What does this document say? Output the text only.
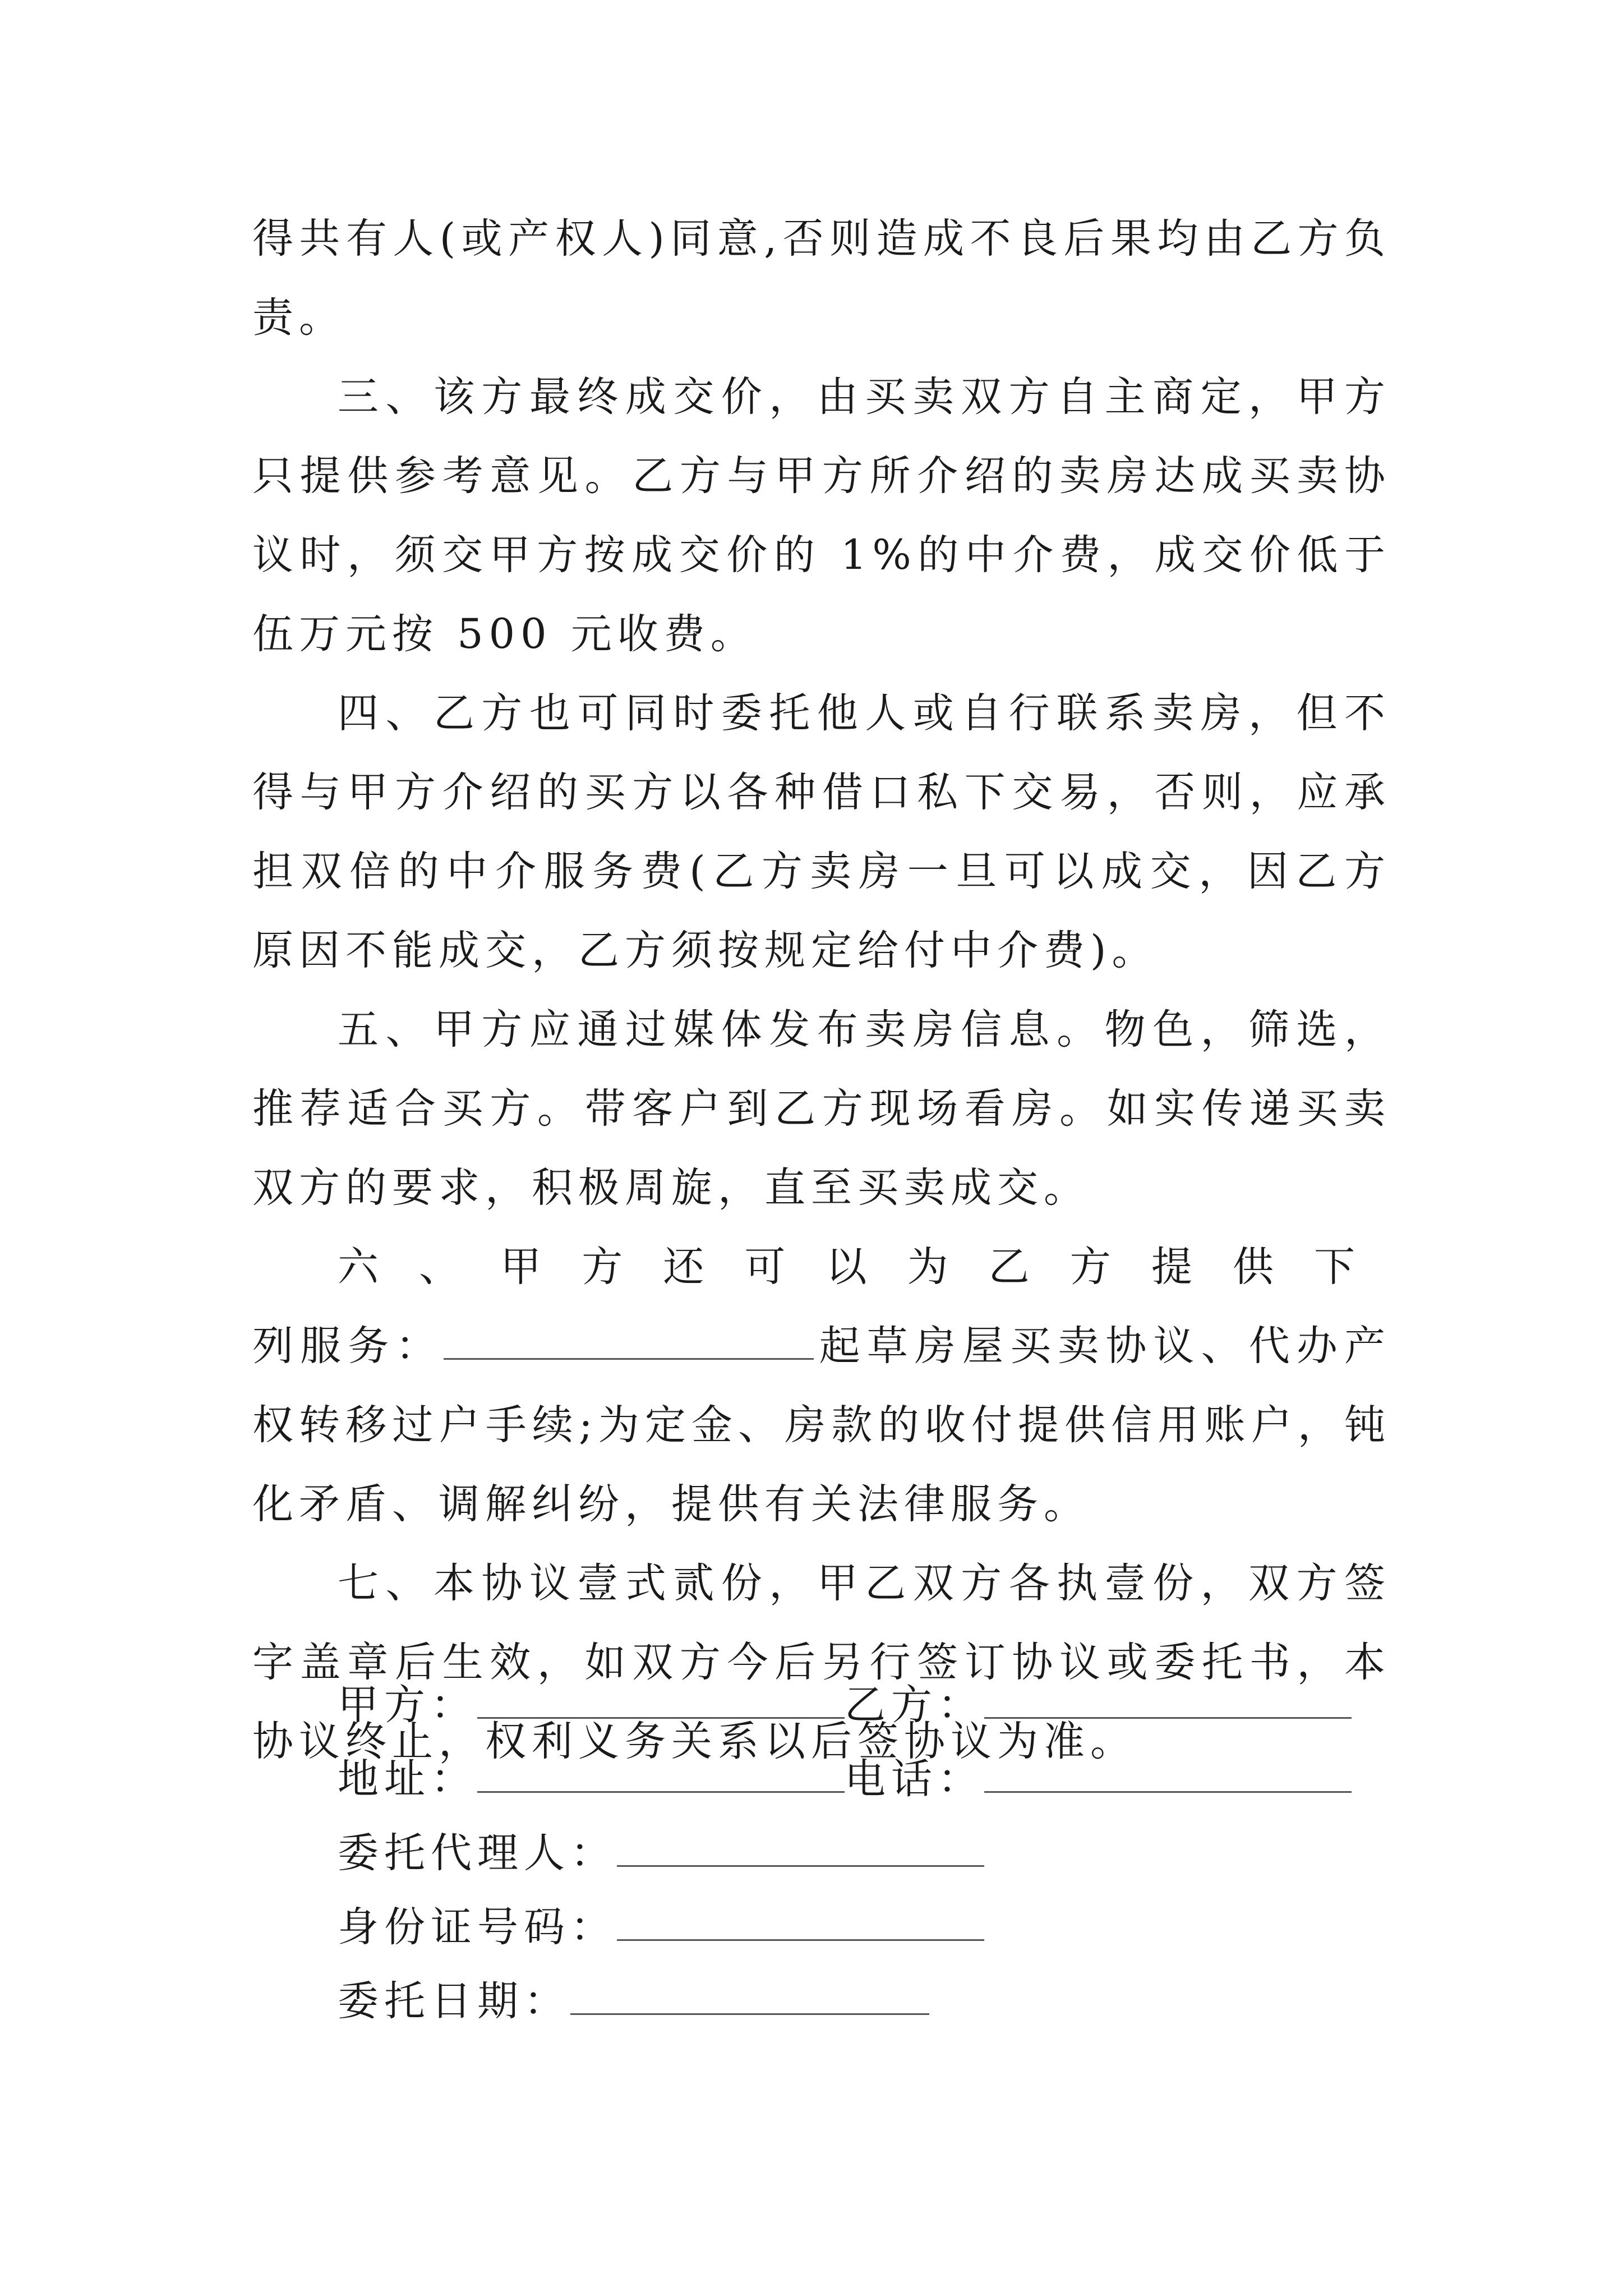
得共有人(或产权人)同意,否则造成不良后果均由乙方负责。

三、该方最终成交价，由买卖双方自主商定，甲方只提供参考意见。乙方与甲方所介绍的卖房达成买卖协议时，须交甲方按成交价的 1%的中介费，成交价低于伍万元按 500 元收费。

四、乙方也可同时委托他人或自行联系卖房，但不得与甲方介绍的买方以各种借口私下交易，否则，应承担双倍的中介服务费(乙方卖房一旦可以成交，因乙方原因不能成交，乙方须按规定给付中介费)。

五、甲方应通过媒体发布卖房信息。物色，筛选，推荐适合买方。带客户到乙方现场看房。如实传递买卖双方的要求，积极周旋，直至买卖成交。

六、甲方还可以为乙方提供下列服务：	起草房屋买卖协议、代办产权转移过户手续;为定金、房款的收付提供信用账户，钝化矛盾、调解纠纷，提供有关法律服务。

七、本协议壹式贰份，甲乙双方各执壹份，双方签字盖章后生效，如双方今后另行签订协议或委托书，本协议终止，权利义务关系以后签协议为准。

甲方：	乙方：
地址：	电话：
委托代理人：
身份证号码：
委托日期：
